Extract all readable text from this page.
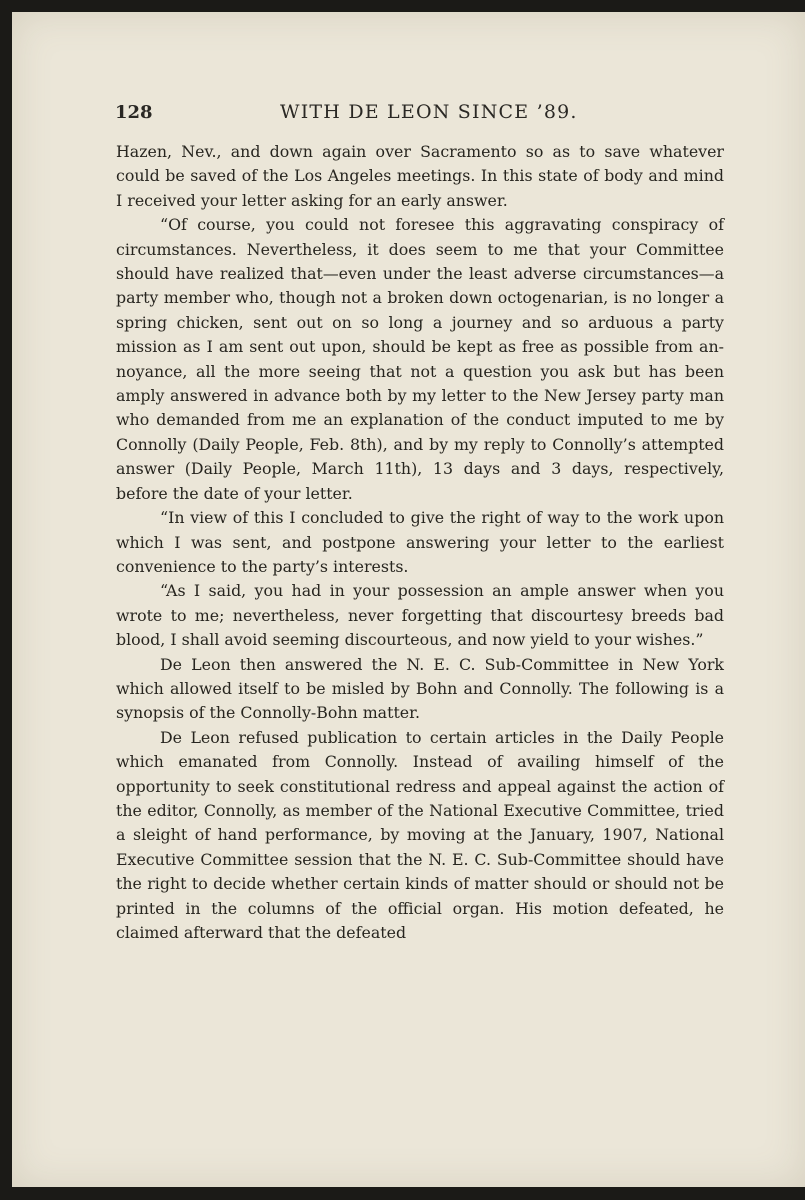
128	WITH DE LEON SINCE ’89.

Hazen, Nev., and down again over Sacramento so as to save whatever could be saved of the Los Angeles meetings. In this state of body and mind I received your letter asking for an early answer.

“Of course, you could not foresee this aggravating conspiracy of circumstances. Nevertheless, it does seem to me that your Committee should have realized that—even under the least adverse circumstances—a party member who, though not a broken down octogenarian, is no longer a spring chicken, sent out on so long a journey and so arduous a party mission as I am sent out upon, should be kept as free as possible from annoyance, all the more seeing that not a question you ask but has been amply answered in advance both by my letter to the New Jersey party man who demanded from me an explanation of the conduct imputed to me by Connolly (Daily People, Feb. 8th), and by my reply to Connolly’s attempted answer (Daily People, March 11th), 13 days and 3 days, respectively, before the date of your letter.

“In view of this I concluded to give the right of way to the work upon which I was sent, and postpone answering your letter to the earliest convenience to the party’s interests.

“As I said, you had in your possession an ample answer when you wrote to me; nevertheless, never forgetting that discourtesy breeds bad blood, I shall avoid seeming discourteous, and now yield to your wishes.”

De Leon then answered the N. E. C. Sub-Committee in New York which allowed itself to be misled by Bohn and Connolly. The following is a synopsis of the Connolly-Bohn matter.

De Leon refused publication to certain articles in the Daily People which emanated from Connolly. Instead of availing himself of the opportunity to seek constitutional redress and appeal against the action of the editor, Connolly, as member of the National Executive Committee, tried a sleight of hand performance, by moving at the January, 1907, National Executive Committee session that the N. E. C. Sub-Committee should have the right to decide whether certain kinds of matter should or should not be printed in the columns of the official organ. His motion defeated, he claimed afterward that the defeated
